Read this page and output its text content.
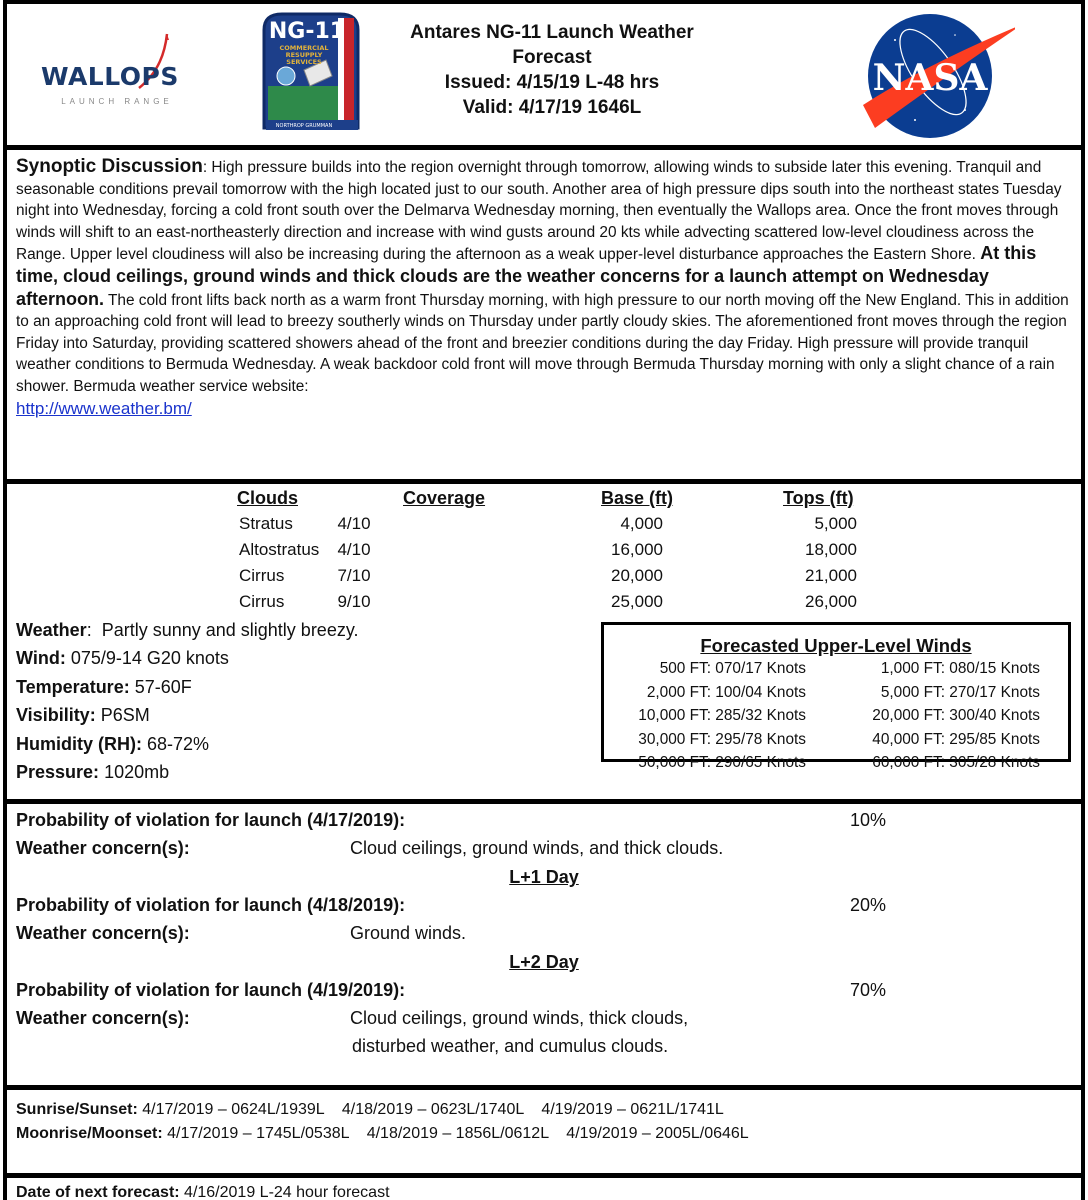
WALLOPS
LAUNCH RANGE
NG-11
COMMERCIAL
RESUPPLY
SERVICES
NORTHROP GRUMMAN
Antares NG-11 Launch Weather
Forecast
Issued: 4/15/19 L-48 hrs
Valid: 4/17/19 1646L
NASA
Synoptic Discussion: High pressure builds into the region overnight through tomorrow, allowing winds to subside later this evening. Tranquil and seasonable conditions prevail tomorrow with the high located just to our south. Another area of high pressure dips south into the northeast states Tuesday night into Wednesday, forcing a cold front south over the Delmarva Wednesday morning, then eventually the Wallops area. Once the front moves through winds will shift to an east-northeasterly direction and increase with wind gusts around 20 kts while advecting scattered low-level cloudiness across the Range. Upper level cloudiness will also be increasing during the afternoon as a weak upper-level disturbance approaches the Eastern Shore. At this time, cloud ceilings, ground winds and thick clouds are the weather concerns for a launch attempt on Wednesday afternoon. The cold front lifts back north as a warm front Thursday morning, with high pressure to our north moving off the New England. This in addition to an approaching cold front will lead to breezy southerly winds on Thursday under partly cloudy skies. The aforementioned front moves through the region Friday into Saturday, providing scattered showers ahead of the front and breezier conditions during the day Friday. High pressure will provide tranquil weather conditions to Bermuda Wednesday. A weak backdoor cold front will move through Bermuda Thursday morning with only a slight chance of a rain shower. Bermuda weather service website:
http://www.weather.bm/
Clouds	Coverage	Base (ft)	Tops (ft)
Stratus	4/10	4,000	5,000
Altostratus	4/10	16,000	18,000
Cirrus	7/10	20,000	21,000
Cirrus	9/10	25,000	26,000
Weather:  Partly sunny and slightly breezy.
Wind: 075/9-14 G20 knots
Temperature: 57-60F
Visibility: P6SM
Humidity (RH): 68-72%
Pressure: 1020mb
Forecasted Upper-Level Winds
500 FT: 070/17 Knots	1,000 FT: 080/15 Knots
2,000 FT: 100/04 Knots	5,000 FT: 270/17 Knots
10,000 FT: 285/32 Knots	20,000 FT: 300/40 Knots
30,000 FT: 295/78 Knots	40,000 FT: 295/85 Knots
50,000 FT: 290/65 Knots	60,000 FT: 305/28 Knots
Probability of violation for launch (4/17/2019):	10%
Weather concern(s):	Cloud ceilings, ground winds, and thick clouds.
L+1 Day
Probability of violation for launch (4/18/2019):	20%
Weather concern(s):	Ground winds.
L+2 Day
Probability of violation for launch (4/19/2019):	70%
Weather concern(s):	Cloud ceilings, ground winds, thick clouds,
disturbed weather, and cumulus clouds.
Sunrise/Sunset: 4/17/2019 – 0624L/1939L    4/18/2019 – 0623L/1740L    4/19/2019 – 0621L/1741L
Moonrise/Moonset: 4/17/2019 – 1745L/0538L    4/18/2019 – 1856L/0612L    4/19/2019 – 2005L/0646L
Date of next forecast: 4/16/2019 L-24 hour forecast
